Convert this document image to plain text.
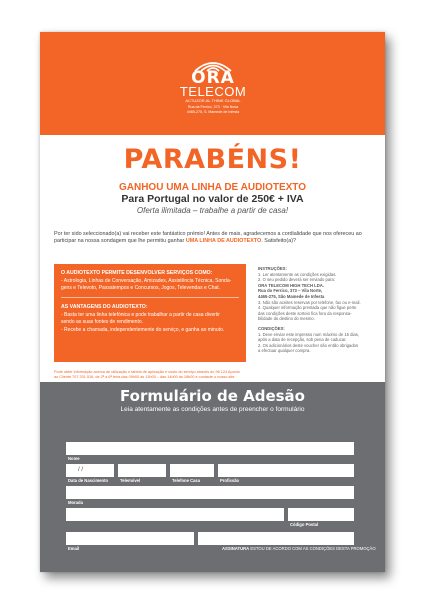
ORA
TELECOM
ACTUZOR.AL THINK GLOBAL
Rua da Ferrico, 373 · Vila Nova
4465-275, S. Mamede de Infesta
PARABÉNS!
GANHOU UMA LINHA DE AUDIOTEXTO
Para Portugal no valor de 250€ + IVA
Oferta ilimitada – trabalhe a partir de casa!
Por ter sido seleccionado(a) vai receber este fantástico prémio! Antes de mais, agradecemos a cordialidade que nos ofereceu ao participar na nossa sondagem que lhe permitiu ganhar UMA LINHA DE AUDIOTEXTO. Satisfeito(a)?
O AUDIOTEXTO PERMITE DESENVOLVER SERVIÇOS COMO:
- Astrologia, Linhas de Conversação, Amizades, Assistência Técnica, Sonda-
gens e Televoto, Passatempos e Concursos, Jogos, Televendas e Chat.
AS VANTAGENS DO AUDIOTEXTO:
- Basta ter uma linha telefónica e pode trabalhar a partir de casa divertir
sendo as suas fontes de rendimento.
- Recebe a chamada, independentemente do serviço, e ganha ao minuto.
INSTRUÇÕES:
1. Ler atentamente as condições exigidas.
2. O seu pedido deverá ser enviado para:
ORA TELECOM HIGH TECH LDA.
Rua do Ferrico, 373 – Vila Norte,
4465-275, São Mamede de Infesta
3. Não são aceites reservas por telefone, fax ou e-mail.
4. Qualquer informação prestada que não figue perte
das condições deste sorteio fica fora da responsa-
bilidade do destino do mesmo.
CONDIÇÕES:
1. Deve enviar este impresso num máximo de 15 dias,
após a data de recepção, sob pena de caducar.
2. Os adicionários deste voucher são então obrigados
a efectuar qualquer compra.
Pode obter informação acerca de utilização e tabela de aplicação e custo do serviço através do 96 124 Aponio
ao Cliente 707 201 516, de 2ª a 6ª feira das 09h00 às 13h00 – das 14h00 às 18h00 e contacte o nosso site.
Formulário de Adesão
Leia atentamente as condições antes de preencher o formulário
Nome
/ /
Data de Nascimento	Telemóvel	Telefone Casa	Profissão
Morada
Código Postal
Email	ASSINATURA ESTOU DE ACORDO COM AS CONDIÇÕES DESTA PROMOÇÃO
